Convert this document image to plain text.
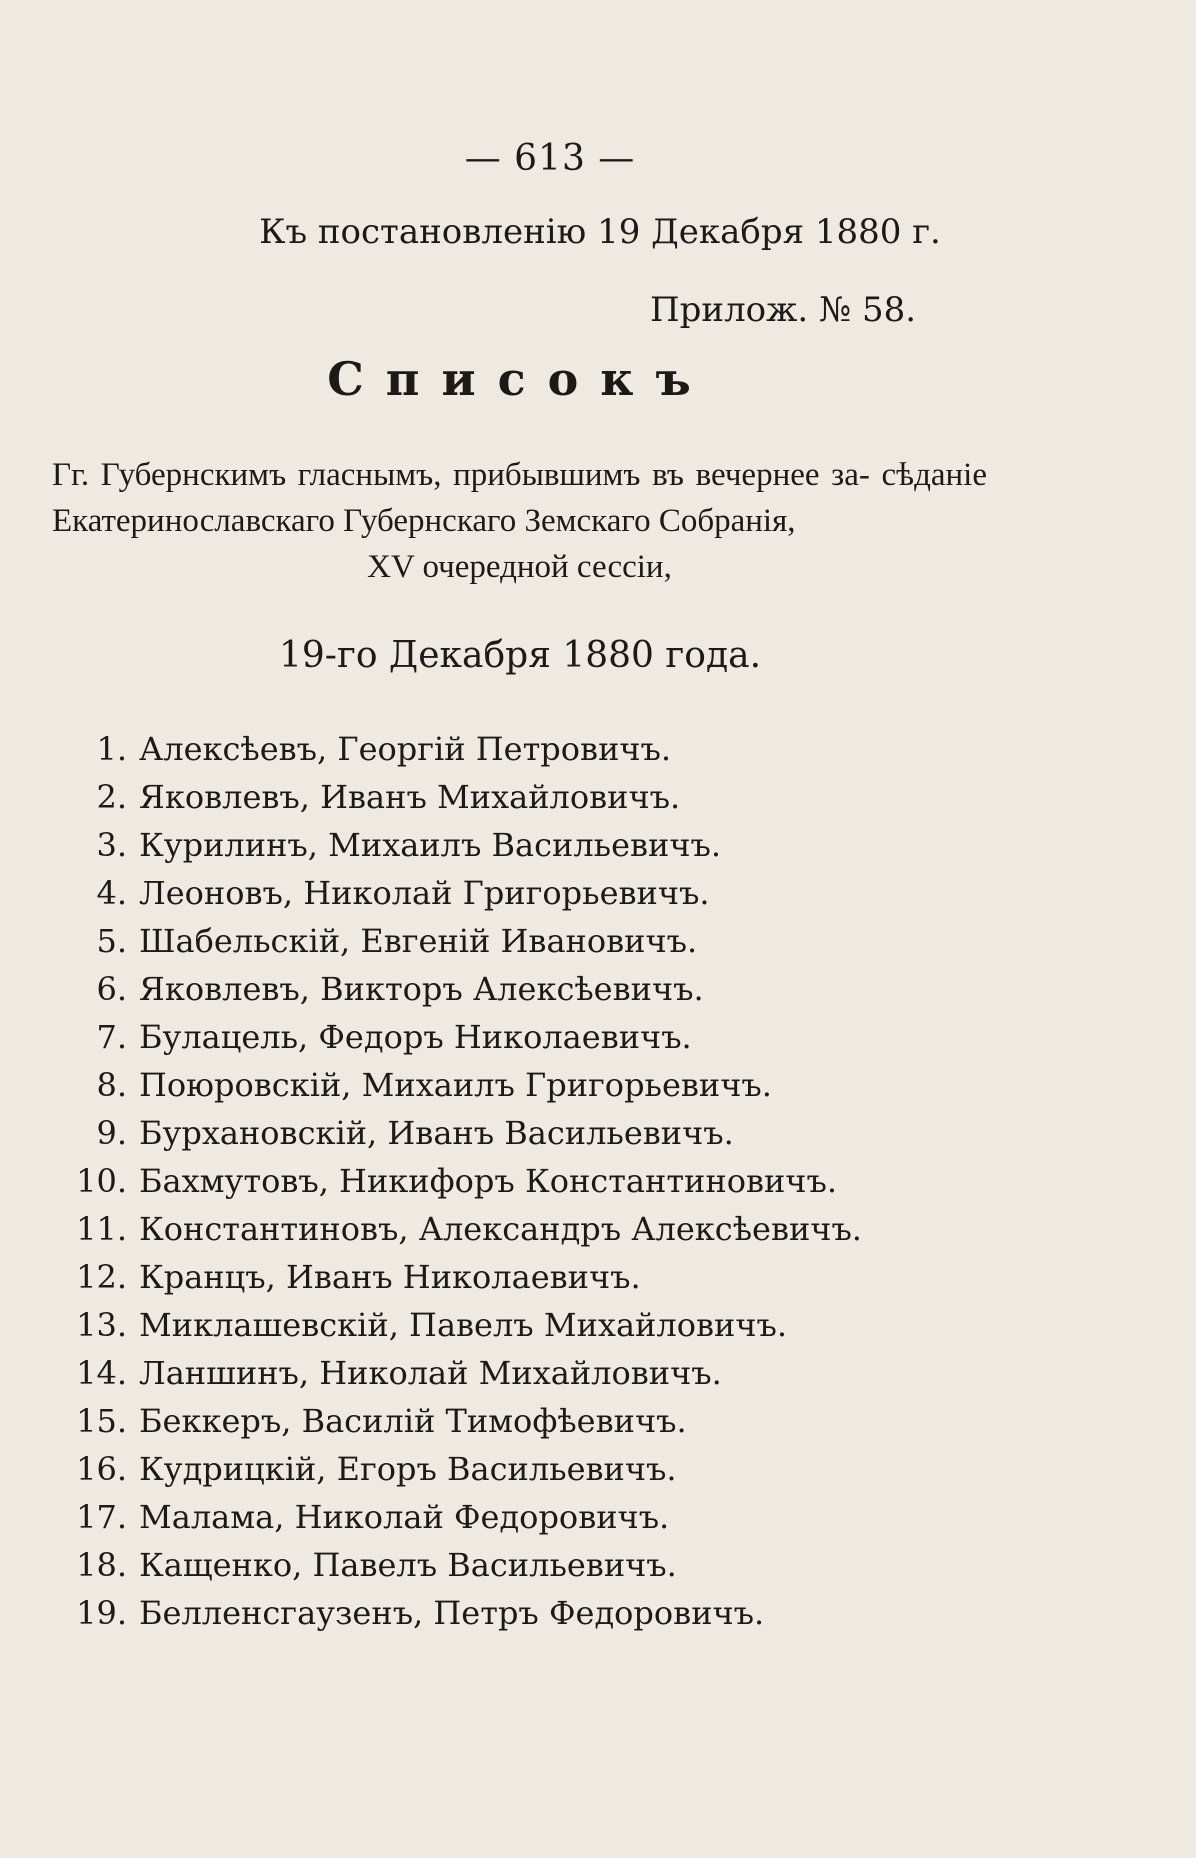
— 613 —
Къ постановленію 19 Декабря 1880 г.
Прилож. № 58.
Списокъ
Гг. Губернскимъ гласнымъ, прибывшимъ въ вечернее за- сѣданіе Екатеринославскаго Губернскаго Земскаго Собранія,
XV очередной сессіи,
19-го Декабря 1880 года.
1. Алексѣевъ, Георгій Петровичъ.
2. Яковлевъ, Иванъ Михайловичъ.
3. Курилинъ, Михаилъ Васильевичъ.
4. Леоновъ, Николай Григорьевичъ.
5. Шабельскій, Евгеній Ивановичъ.
6. Яковлевъ, Викторъ Алексѣевичъ.
7. Булацель, Федоръ Николаевичъ.
8. Поюровскій, Михаилъ Григорьевичъ.
9. Бурхановскій, Иванъ Васильевичъ.
10. Бахмутовъ, Никифоръ Константиновичъ.
11. Константиновъ, Александръ Алексѣевичъ.
12. Кранцъ, Иванъ Николаевичъ.
13. Миклашевскій, Павелъ Михайловичъ.
14. Ланшинъ, Николай Михайловичъ.
15. Беккеръ, Василій Тимофѣевичъ.
16. Кудрицкій, Егоръ Васильевичъ.
17. Малама, Николай Федоровичъ.
18. Кащенко, Павелъ Васильевичъ.
19. Белленсгаузенъ, Петръ Федоровичъ.
